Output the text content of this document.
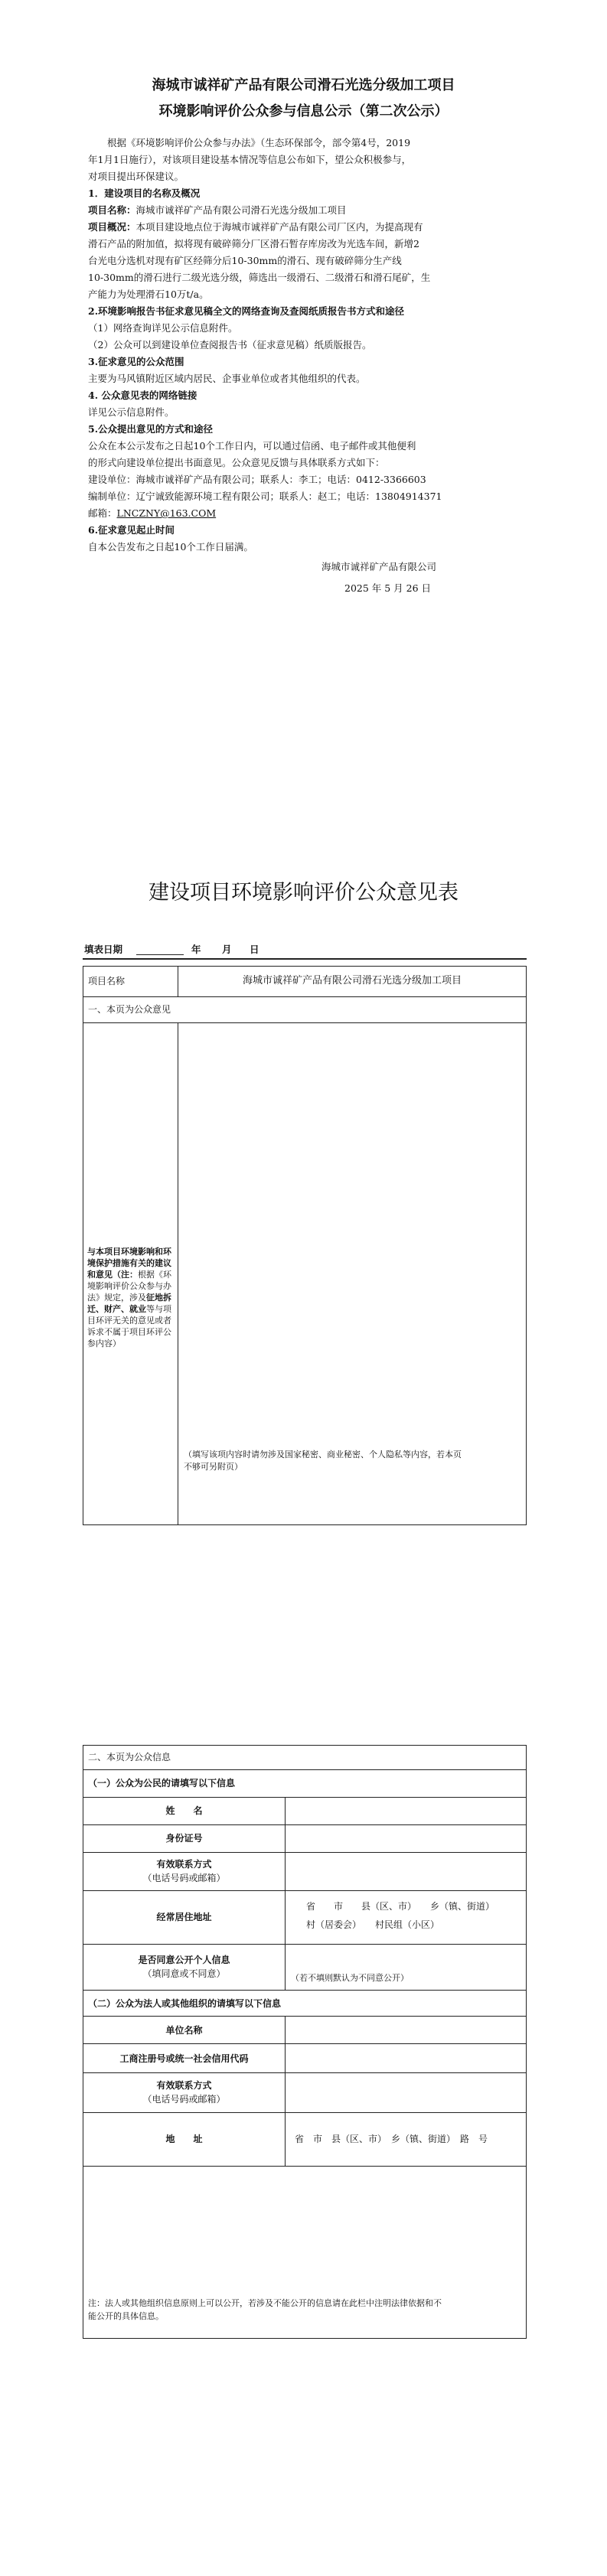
海城市诚祥矿产品有限公司滑石光选分级加工项目
环境影响评价公众参与信息公示（第二次公示）
根据《环境影响评价公众参与办法》（生态环保部令，部令第4号，2019
年1月1日施行），对该项目建设基本情况等信息公布如下，望公众积极参与，
对项目提出环保建议。
1．建设项目的名称及概况
项目名称：海城市诚祥矿产品有限公司滑石光选分级加工项目
项目概况：本项目建设地点位于海城市诚祥矿产品有限公司厂区内，为提高现有
滑石产品的附加值，拟将现有破碎筛分厂区滑石暂存库房改为光选车间，新增2
台光电分选机对现有矿区经筛分后10-30mm的滑石、现有破碎筛分生产线
10-30mm的滑石进行二级光选分级，筛选出一级滑石、二级滑石和滑石尾矿，生
产能力为处理滑石10万t/a。
2.环境影响报告书征求意见稿全文的网络查询及查阅纸质报告书方式和途径
（1）网络查询详见公示信息附件。
（2）公众可以到建设单位查阅报告书（征求意见稿）纸质版报告。
3.征求意见的公众范围
主要为马风镇附近区域内居民、企事业单位或者其他组织的代表。
4. 公众意见表的网络链接
详见公示信息附件。
5.公众提出意见的方式和途径
公众在本公示发布之日起10个工作日内，可以通过信函、电子邮件或其他便利
的形式向建设单位提出书面意见。公众意见反馈与具体联系方式如下：
建设单位：海城市诚祥矿产品有限公司；联系人：李工；电话：0412-3366603
编制单位：辽宁诚致能源环境工程有限公司；联系人：赵工；电话：13804914371
邮箱：LNCZNY@163.COM
6.征求意见起止时间
自本公告发布之日起10个工作日届满。
海城市诚祥矿产品有限公司
2025 年 5 月 26 日
建设项目环境影响评价公众意见表
填表日期	年 月 日
项目名称	海城市诚祥矿产品有限公司滑石光选分级加工项目
一、本页为公众意见
与本项目环境影响和环境保护措施有关的建议和意见（注：根据《环境影响评价公众参与办法》规定，涉及征地拆迁、财产、就业等与项目环评无关的意见或者诉求不属于项目环评公参内容）
（填写该项内容时请勿涉及国家秘密、商业秘密、个人隐私等内容，若本页
不够可另附页）
二、本页为公众信息
（一）公众为公民的请填写以下信息
姓　　名
身份证号
有效联系方式
（电话号码或邮箱）
经常居住地址
省　　市　　县（区、市）　　乡（镇、街道）
村（居委会）　　村民组（小区）
是否同意公开个人信息
（填同意或不同意）	（若不填则默认为不同意公开）
（二）公众为法人或其他组织的请填写以下信息
单位名称
工商注册号或统一社会信用代码
有效联系方式
（电话号码或邮箱）
地　　址	省　市　县（区、市）　乡（镇、街道）　路　号
注：法人或其他组织信息原则上可以公开，若涉及不能公开的信息请在此栏中注明法律依据和不
能公开的具体信息。
